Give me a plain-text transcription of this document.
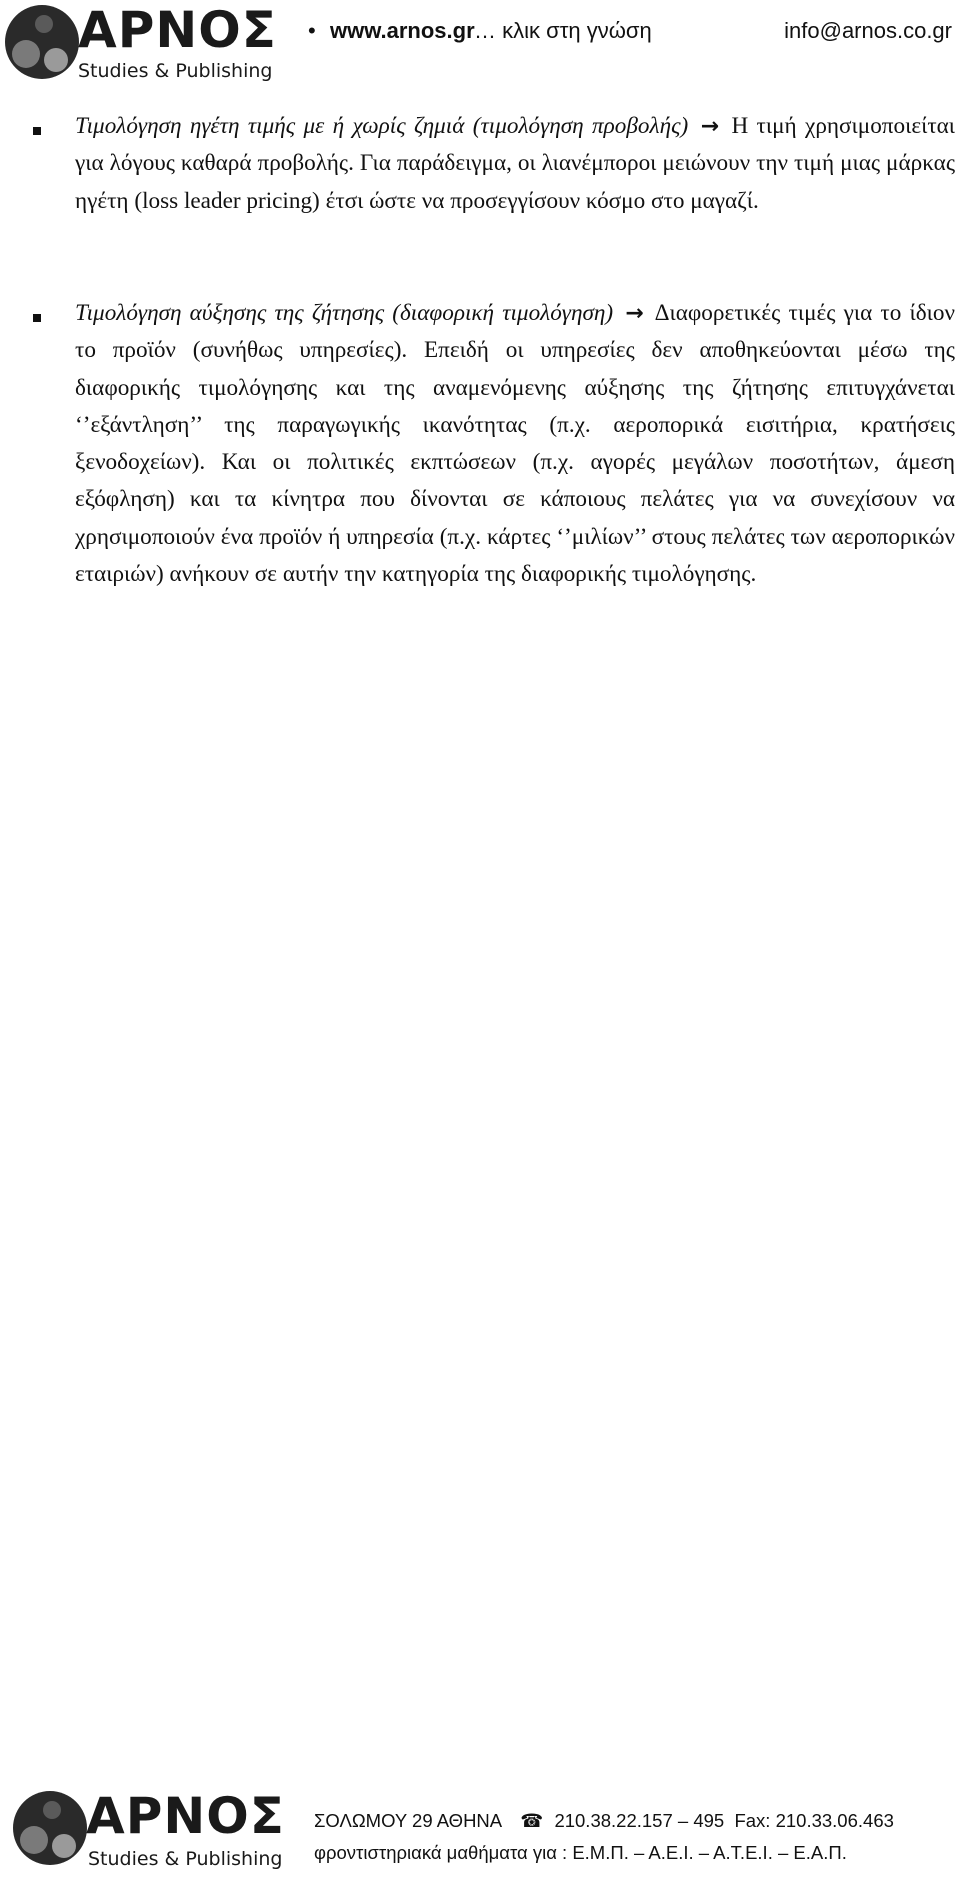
ΑΡΝΟΣ
Studies & Publishing
• www.arnos.gr … κλικ στη γνώση	info@arnos.co.gr

Τιμολόγηση ηγέτη τιμής με ή χωρίς ζημιά (τιμολόγηση προβολής) → Η τιμή χρησιμοποιείται για λόγους καθαρά προβολής. Για παράδειγμα, οι λιανέμποροι μειώνουν την τιμή μιας μάρκας ηγέτη (loss leader pricing) έτσι ώστε να προσεγγίσουν κόσμο στο μαγαζί.

Τιμολόγηση αύξησης της ζήτησης (διαφορική τιμολόγηση) → Διαφορετικές τιμές για το ίδιον το προϊόν (συνήθως υπηρεσίες). Επειδή οι υπηρεσίες δεν αποθηκεύονται μέσω της διαφορικής τιμολόγησης και της αναμενόμενης αύξησης της ζήτησης επιτυγχάνεται ‘’εξάντληση’’ της παραγωγικής ικανότητας (π.χ. αεροπορικά εισιτήρια, κρατήσεις ξενοδοχείων). Και οι πολιτικές εκπτώσεων (π.χ. αγορές μεγάλων ποσοτήτων, άμεση εξόφληση) και τα κίνητρα που δίνονται σε κάποιους πελάτες για να συνεχίσουν να χρησιμοποιούν ένα προϊόν ή υπηρεσία (π.χ. κάρτες ‘’μιλίων’’ στους πελάτες των αεροπορικών εταιριών) ανήκουν σε αυτήν την κατηγορία της διαφορικής τιμολόγησης.

ΑΡΝΟΣ
Studies & Publishing
ΣΟΛΩΜΟΥ 29 ΑΘΗΝΑ ☎ 210.38.22.157 – 495 Fax: 210.33.06.463
φροντιστηριακά μαθήματα για : Ε.Μ.Π. – Α.Ε.Ι. – Α.Τ.Ε.Ι. – Ε.Α.Π.
